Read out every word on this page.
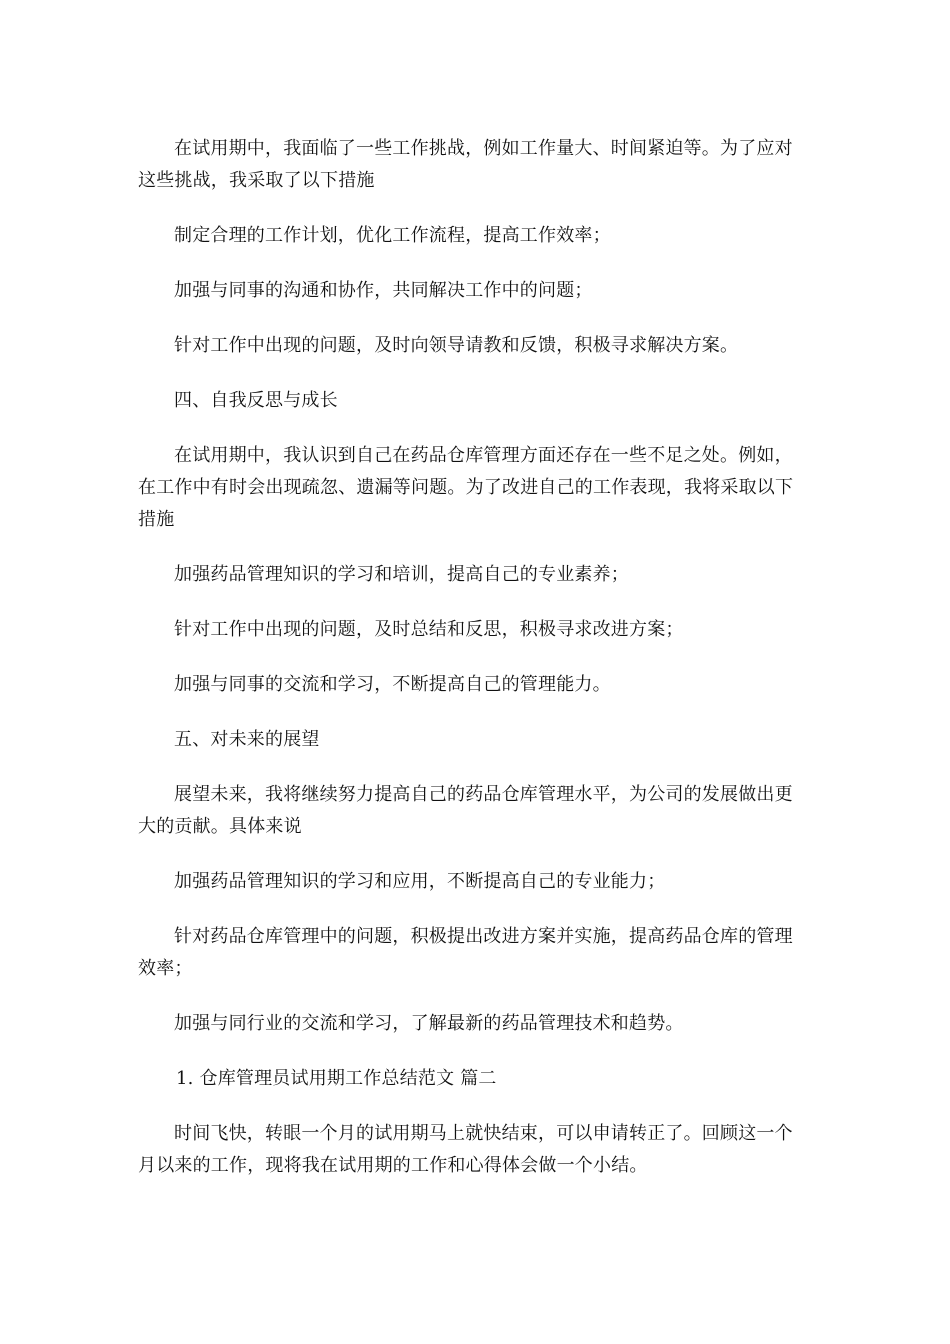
在试用期中，我面临了一些工作挑战，例如工作量大、时间紧迫等。为了应对这些挑战，我采取了以下措施

制定合理的工作计划，优化工作流程，提高工作效率；

加强与同事的沟通和协作，共同解决工作中的问题；

针对工作中出现的问题，及时向领导请教和反馈，积极寻求解决方案。

四、自我反思与成长

在试用期中，我认识到自己在药品仓库管理方面还存在一些不足之处。例如，在工作中有时会出现疏忽、遗漏等问题。为了改进自己的工作表现，我将采取以下措施

加强药品管理知识的学习和培训，提高自己的专业素养；

针对工作中出现的问题，及时总结和反思，积极寻求改进方案；

加强与同事的交流和学习，不断提高自己的管理能力。

五、对未来的展望

展望未来，我将继续努力提高自己的药品仓库管理水平，为公司的发展做出更大的贡献。具体来说

加强药品管理知识的学习和应用，不断提高自己的专业能力；

针对药品仓库管理中的问题，积极提出改进方案并实施，提高药品仓库的管理效率；

加强与同行业的交流和学习，了解最新的药品管理技术和趋势。

1. 仓库管理员试用期工作总结范文 篇二

时间飞快，转眼一个月的试用期马上就快结束，可以申请转正了。回顾这一个月以来的工作，现将我在试用期的工作和心得体会做一个小结。
